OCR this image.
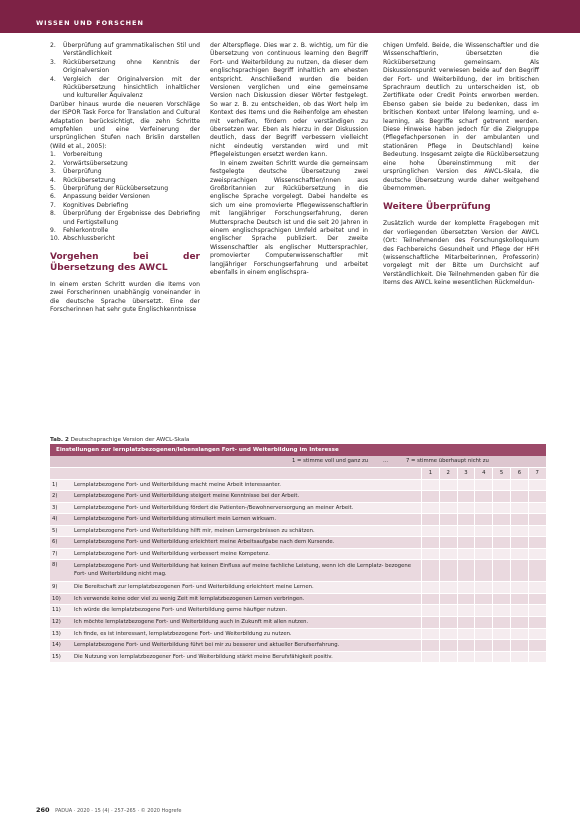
WISSEN UND FORSCHEN
2. Überprüfung auf grammatikalischen Stil und Verständlichkeit
3. Rückübersetzung ohne Kenntnis der Originalversion
4. Vergleich der Originalversion mit der Rückübersetzung hinsichtlich inhaltlicher und kultureller Äquivalenz

Darüber hinaus wurde die neueren Vorschläge der ISPOR Task Force for Translation and Cultural Adaptation berücksichtigt, die zehn Schritte empfehlen und eine Verfeinerung der ursprünglichen Stufen nach Brislin darstellen (Wild et al., 2005):

1. Vorbereitung
2. Vorwärtsübersetzung
3. Überprüfung
4. Rückübersetzung
5. Überprüfung der Rückübersetzung
6. Anpassung beider Versionen
7. Kognitives Debriefing
8. Überprüfung der Ergebnisse des Debriefing und Fertigstellung
9. Fehlerkontrolle
10. Abschlussbericht
Vorgehen bei der Übersetzung des AWCL

In einem ersten Schritt wurden die Items von zwei Forscherinnen unabhängig voneinander in die deutsche Sprache übersetzt. Eine der Forscherinnen hat sehr gute Englischkenntnisse

der Alterspflege. Dies war z. B. wichtig, um für die Übersetzung von continuous learning den Begriff Fort- und Weiterbildung zu nutzen, da dieser dem englischsprachigen Begriff inhaltlich am ehesten entspricht. Anschließend wurden die beiden Versionen verglichen und eine gemeinsame Version nach Diskussion dieser Wörter festgelegt. So war z. B. zu entscheiden, ob das Wort help im Kontext des Items und die Reihenfolge am ehesten mit verhelfen, fördern oder verständigen zu übersetzen war. Eben als hierzu in der Diskussion deutlich, dass der Begriff verbessern vielleicht nicht eindeutig verstanden wird und mit Pflegeleistungen ersetzt werden kann.

In einem zweiten Schritt wurde die gemeinsam festgelegte deutsche Übersetzung zwei zweisprachigen Wissenschaftler/innen aus Großbritannien zur Rückübersetzung in die englische Sprache vorgelegt. Dabei handelte es sich um eine promovierte Pflegewissenschaftlerin mit langjähriger Forschungserfahrung, deren Muttersprache Deutsch ist und die seit 20 Jahren in einem englischsprachigen Umfeld arbeitet und in englischer Sprache publiziert. Der zweite Wissenschaftler als englischer Muttersprachler, promovierter Computerwissenschaftler mit langjähriger Forschungserfahrung und arbeitet ebenfalls in einem englischspra-

chigen Umfeld. Beide, die Wissenschaftler und die Wissenschaftlerin, übersetzten die Rückübersetzung gemeinsam. Als Diskussionspunkt verwiesen beide auf den Begriff der Fort- und Weiterbildung, der im britischen Sprachraum deutlich zu unterscheiden ist, ob Zertifikate oder Credit Points erworben werden. Ebenso gaben sie beide zu bedenken, dass im britischen Kontext unter lifelong learning, und e-learning, als Begriffe scharf getrennt werden. Diese Hinweise haben jedoch für die Zielgruppe (Pflegefachpersonen in der ambulanten und stationären Pflege in Deutschland) keine Bedeutung. Insgesamt zeigte die Rückübersetzung eine hohe Übereinstimmung mit der ursprünglichen Version des AWCL-Skala, die deutsche Übersetzung wurde daher weitgehend übernommen.

Weitere Überprüfung

Zusätzlich wurde der komplette Fragebogen mit der vorliegenden übersetzten Version der AWCL (Ort: Teilnehmenden des Forschungskolloquium des Fachbereichs Gesundheit und Pflege der HFH (wissenschaftliche Mitarbeiterinnen, Professorin) vorgelegt mit der Bitte um Durchsicht auf Verständlichkeit. Die Teilnehmenden gaben für die Items des AWCL keine wesentlichen Rückmeldun-

Tab. 2 Deutschsprachige Version der AWCL-Skala
Einstellungen zur lernplatzbezogenen/lebenslangen Fort- und Weiterbildung im Interesse
1 = stimme voll und ganz zu	...	7 = stimme überhaupt nicht zu
1	2	3	4	5	6	7
1)	Lernplatzbezogene Fort- und Weiterbildung macht meine Arbeit interessanter.
2)	Lernplatzbezogene Fort- und Weiterbildung steigert meine Kenntnisse bei der Arbeit.
3)	Lernplatzbezogene Fort- und Weiterbildung fördert die Patienten-/Bewohnerversorgung an meiner Arbeit.
4)	Lernplatzbezogene Fort- und Weiterbildung stimuliert mein Lernen wirksam.
5)	Lernplatzbezogene Fort- und Weiterbildung hilft mir, meinen Lernergebnissen zu schätzen.
6)	Lernplatzbezogene Fort- und Weiterbildung erleichtert meine Arbeitsaufgabe nach dem Kursende.
7)	Lernplatzbezogene Fort- und Weiterbildung verbessert meine Kompetenz.
8)	Lernplatzbezogene Fort- und Weiterbildung hat keinen Einfluss auf meine fachliche Leistung, wenn ich die Lernplatz- bezogene Fort- und Weiterbildung nicht mag.
9)	Die Bereitschaft zur lernplatzbezogenen Fort- und Weiterbildung erleichtert meine Lernen.
10)	Ich verwende keine oder viel zu wenig Zeit mit lernplatzbezogenen Lernen verbringen.
11)	Ich würde die lernplatzbezogene Fort- und Weiterbildung gerne häufiger nutzen.
12)	Ich möchte lernplatzbezogene Fort- und Weiterbildung auch in Zukunft mit allen nutzen.
13)	Ich finde, es ist interessant, lernplatzbezogene Fort- und Weiterbildung zu nutzen.
14)	Lernplatzbezogene Fort- und Weiterbildung führt bei mir zu besserer und aktueller Berufserfahrung.
15)	Die Nutzung von lernplatzbezogener Fort- und Weiterbildung stärkt meine Berufsfähigkeit positiv.
260 PADUA · 2020 · 15 (4) · 257–265 · © 2020 Hogrefe
